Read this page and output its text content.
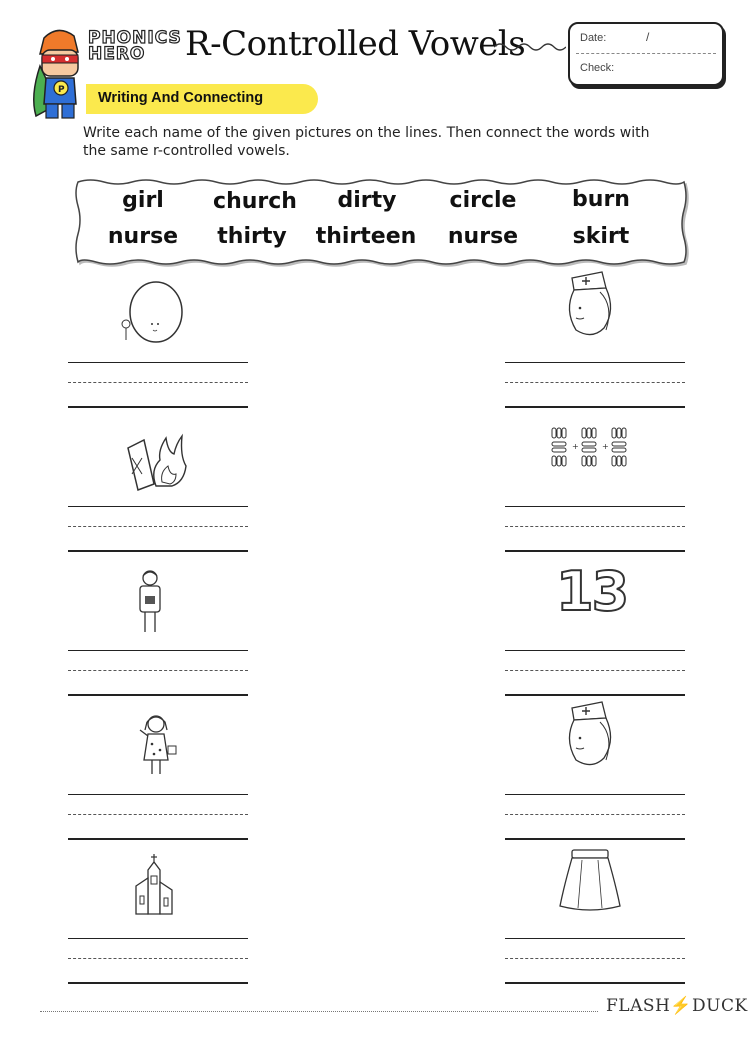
P
PHONICS
HERO	R-Controlled Vowels	Date:	/
Check:
Writing And Connecting
Write each name of the given pictures on the lines. Then connect the words with the same r-controlled vowels.
girl church dirty circle	burn
nurse thirty thirteen nurse skirt
+	+
13
FLASH⚡DUCK
